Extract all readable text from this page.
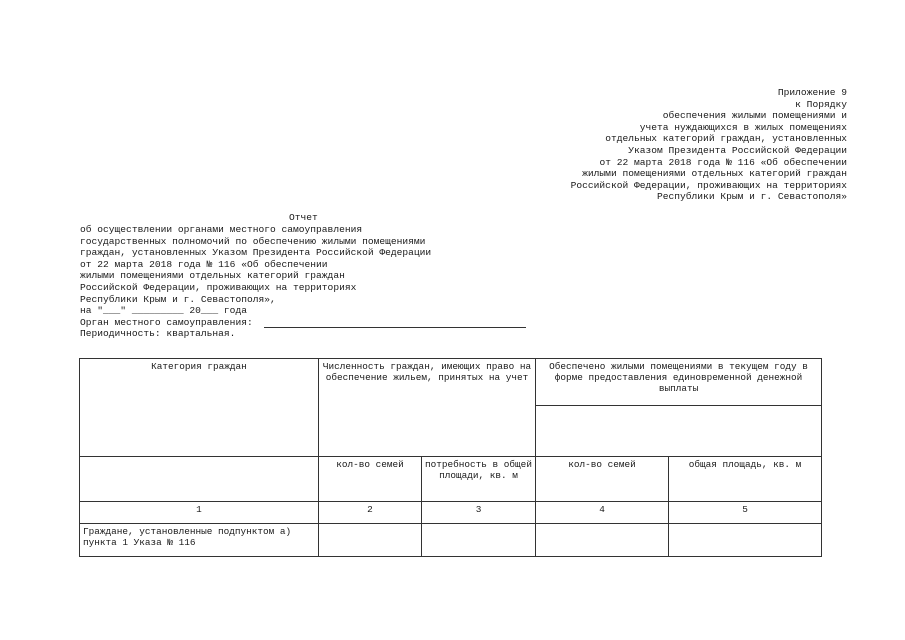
Приложение 9
к Порядку
обеспечения жилыми помещениями и
учета нуждающихся в жилых помещениях
отдельных категорий граждан, установленных
Указом Президента Российской Федерации
от 22 марта 2018 года № 116 «Об обеспечении
жилыми помещениями отдельных категорий граждан
Российской Федерации, проживающих на территориях
Республики Крым и г. Севастополя»
Отчет
об осуществлении органами местного самоуправления
государственных полномочий по обеспечению жилыми помещениями
граждан, установленных Указом Президента Российской Федерации
от 22 марта 2018 года № 116 «Об обеспечении
жилыми помещениями отдельных категорий граждан
Российской Федерации, проживающих на территориях
Республики Крым и г. Севастополя»,
на "___" _________ 20___ года
Орган местного самоуправления:
Периодичность: квартальная.
Категория граждан	Численность граждан, имеющих право на обеспечение жильем, принятых на учет		Обеспечено жилыми помещениями в текущем году в форме предоставления единовременной денежной выплаты	

	кол-во семей	потребность в общей площади, кв. м	кол-во семей	общая площадь, кв. м
1	2	3	4	5
Граждане, установленные подпунктом а) пункта 1 Указа № 116				
